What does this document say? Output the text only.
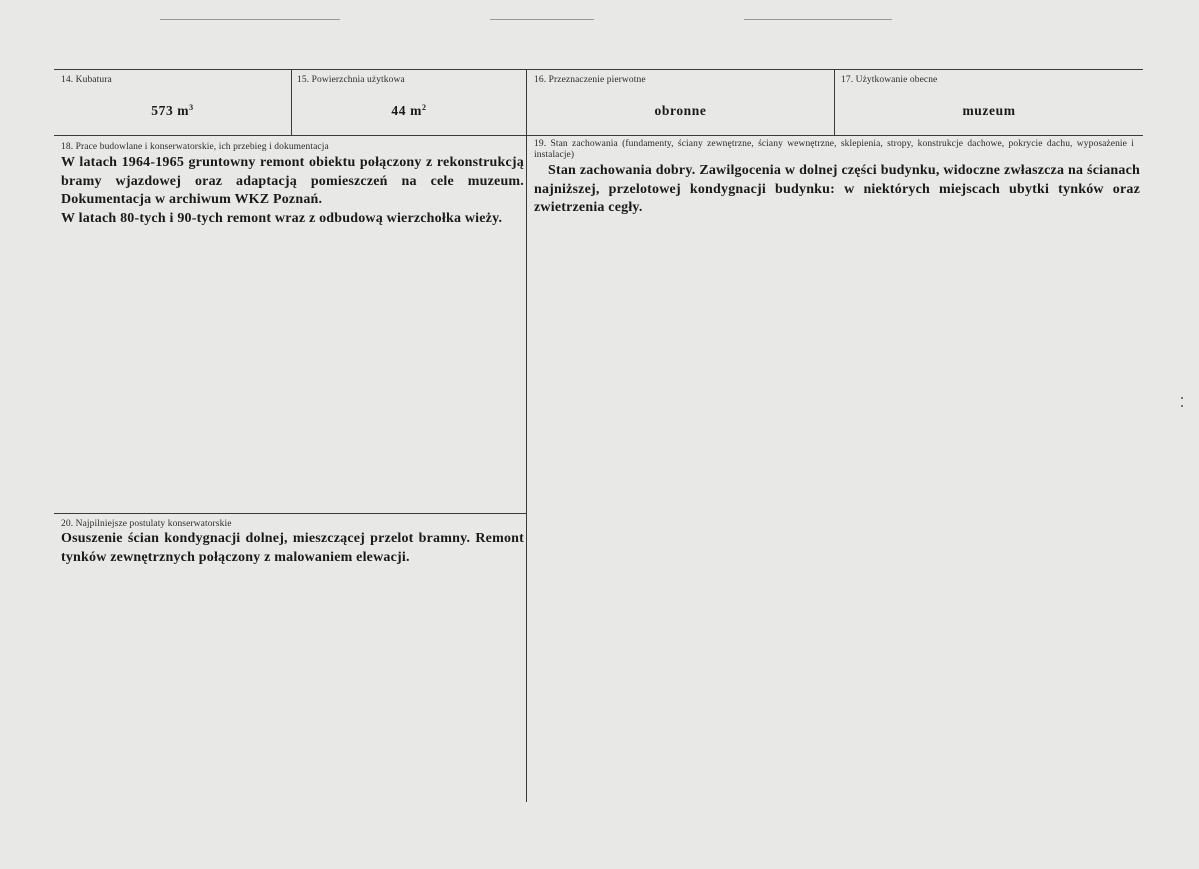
14. Kubatura
573 $m^3$
15. Powierzchnia użytkowa
44 $m^2$
16. Przeznaczenie pierwotne
obronne
17. Użytkowanie obecne
muzeum
18. Prace budowlane i konserwatorskie, ich przebieg i dokumentacja

W latach 1964-1965 gruntowny remont obiektu połączony z rekonstrukcją bramy wjazdowej oraz adaptacją pomieszczeń na cele muzeum. Dokumentacja w archiwum WKZ Poznań.

W latach 80-tych i 90-tych remont wraz z odbudową wierzchołka wieży.

19. Stan zachowania (fundamenty, ściany zewnętrzne, ściany wewnętrzne, sklepienia, stropy, konstrukcje dachowe, pokrycie dachu, wyposażenie i instalacje)
Stan zachowania dobry. Zawilgocenia w dolnej części budynku, widoczne zwłaszcza na ścianach najniższej, przelotowej kondygnacji budynku: w niektórych miejscach ubytki tynków oraz zwietrzenia cegły.
20. Najpilniejsze postulaty konserwatorskie
Osuszenie ścian kondygnacji dolnej, mieszczącej przelot bramny. Remont tynków zewnętrznych połączony z malowaniem elewacji.
